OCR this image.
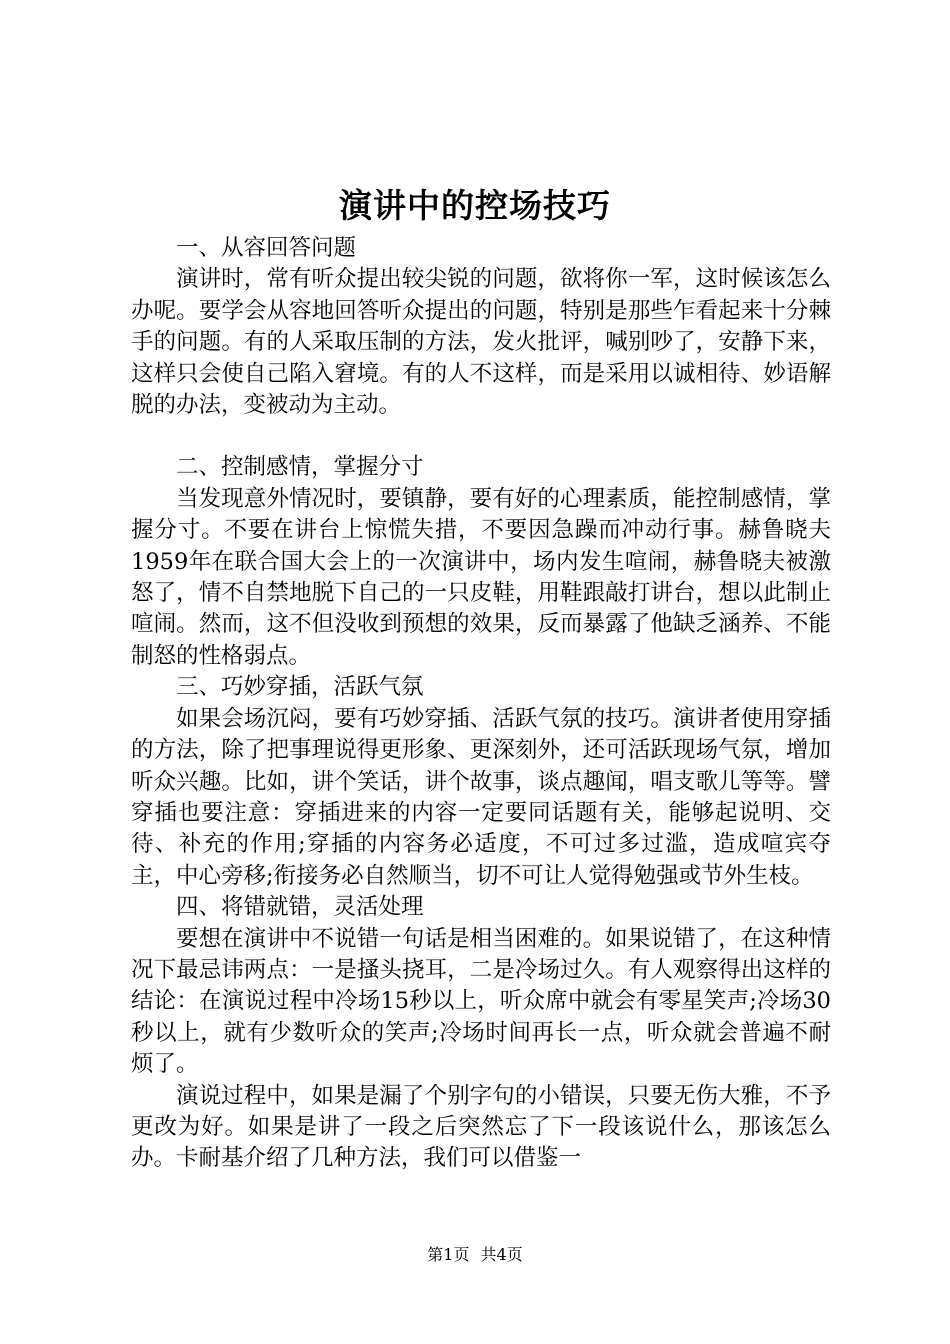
演讲中的控场技巧

一、从容回答问题

演讲时，常有听众提出较尖锐的问题，欲将你一军，这时候该怎么办呢。要学会从容地回答听众提出的问题，特别是那些乍看起来十分棘手的问题。有的人采取压制的方法，发火批评，喊别吵了，安静下来，这样只会使自己陷入窘境。有的人不这样，而是采用以诚相待、妙语解脱的办法，变被动为主动。

二、控制感情，掌握分寸

当发现意外情况时，要镇静，要有好的心理素质，能控制感情，掌握分寸。不要在讲台上惊慌失措，不要因急躁而冲动行事。赫鲁晓夫1959年在联合国大会上的一次演讲中，场内发生喧闹，赫鲁晓夫被激怒了，情不自禁地脱下自己的一只皮鞋，用鞋跟敲打讲台，想以此制止喧闹。然而，这不但没收到预想的效果，反而暴露了他缺乏涵养、不能制怒的性格弱点。

三、巧妙穿插，活跃气氛

如果会场沉闷，要有巧妙穿插、活跃气氛的技巧。演讲者使用穿插的方法，除了把事理说得更形象、更深刻外，还可活跃现场气氛，增加听众兴趣。比如，讲个笑话，讲个故事，谈点趣闻，唱支歌儿等等。譬穿插也要注意：穿插进来的内容一定要同话题有关，能够起说明、交待、补充的作用;穿插的内容务必适度，不可过多过滥，造成喧宾夺主，中心旁移;衔接务必自然顺当，切不可让人觉得勉强或节外生枝。

四、将错就错，灵活处理

要想在演讲中不说错一句话是相当困难的。如果说错了，在这种情况下最忌讳两点：一是搔头挠耳，二是冷场过久。有人观察得出这样的结论：在演说过程中冷场15秒以上，听众席中就会有零星笑声;冷场30秒以上，就有少数听众的笑声;冷场时间再长一点，听众就会普遍不耐烦了。

演说过程中，如果是漏了个别字句的小错误，只要无伤大雅，不予更改为好。如果是讲了一段之后突然忘了下一段该说什么，那该怎么办。卡耐基介绍了几种方法，我们可以借鉴一

第1页 共4页
